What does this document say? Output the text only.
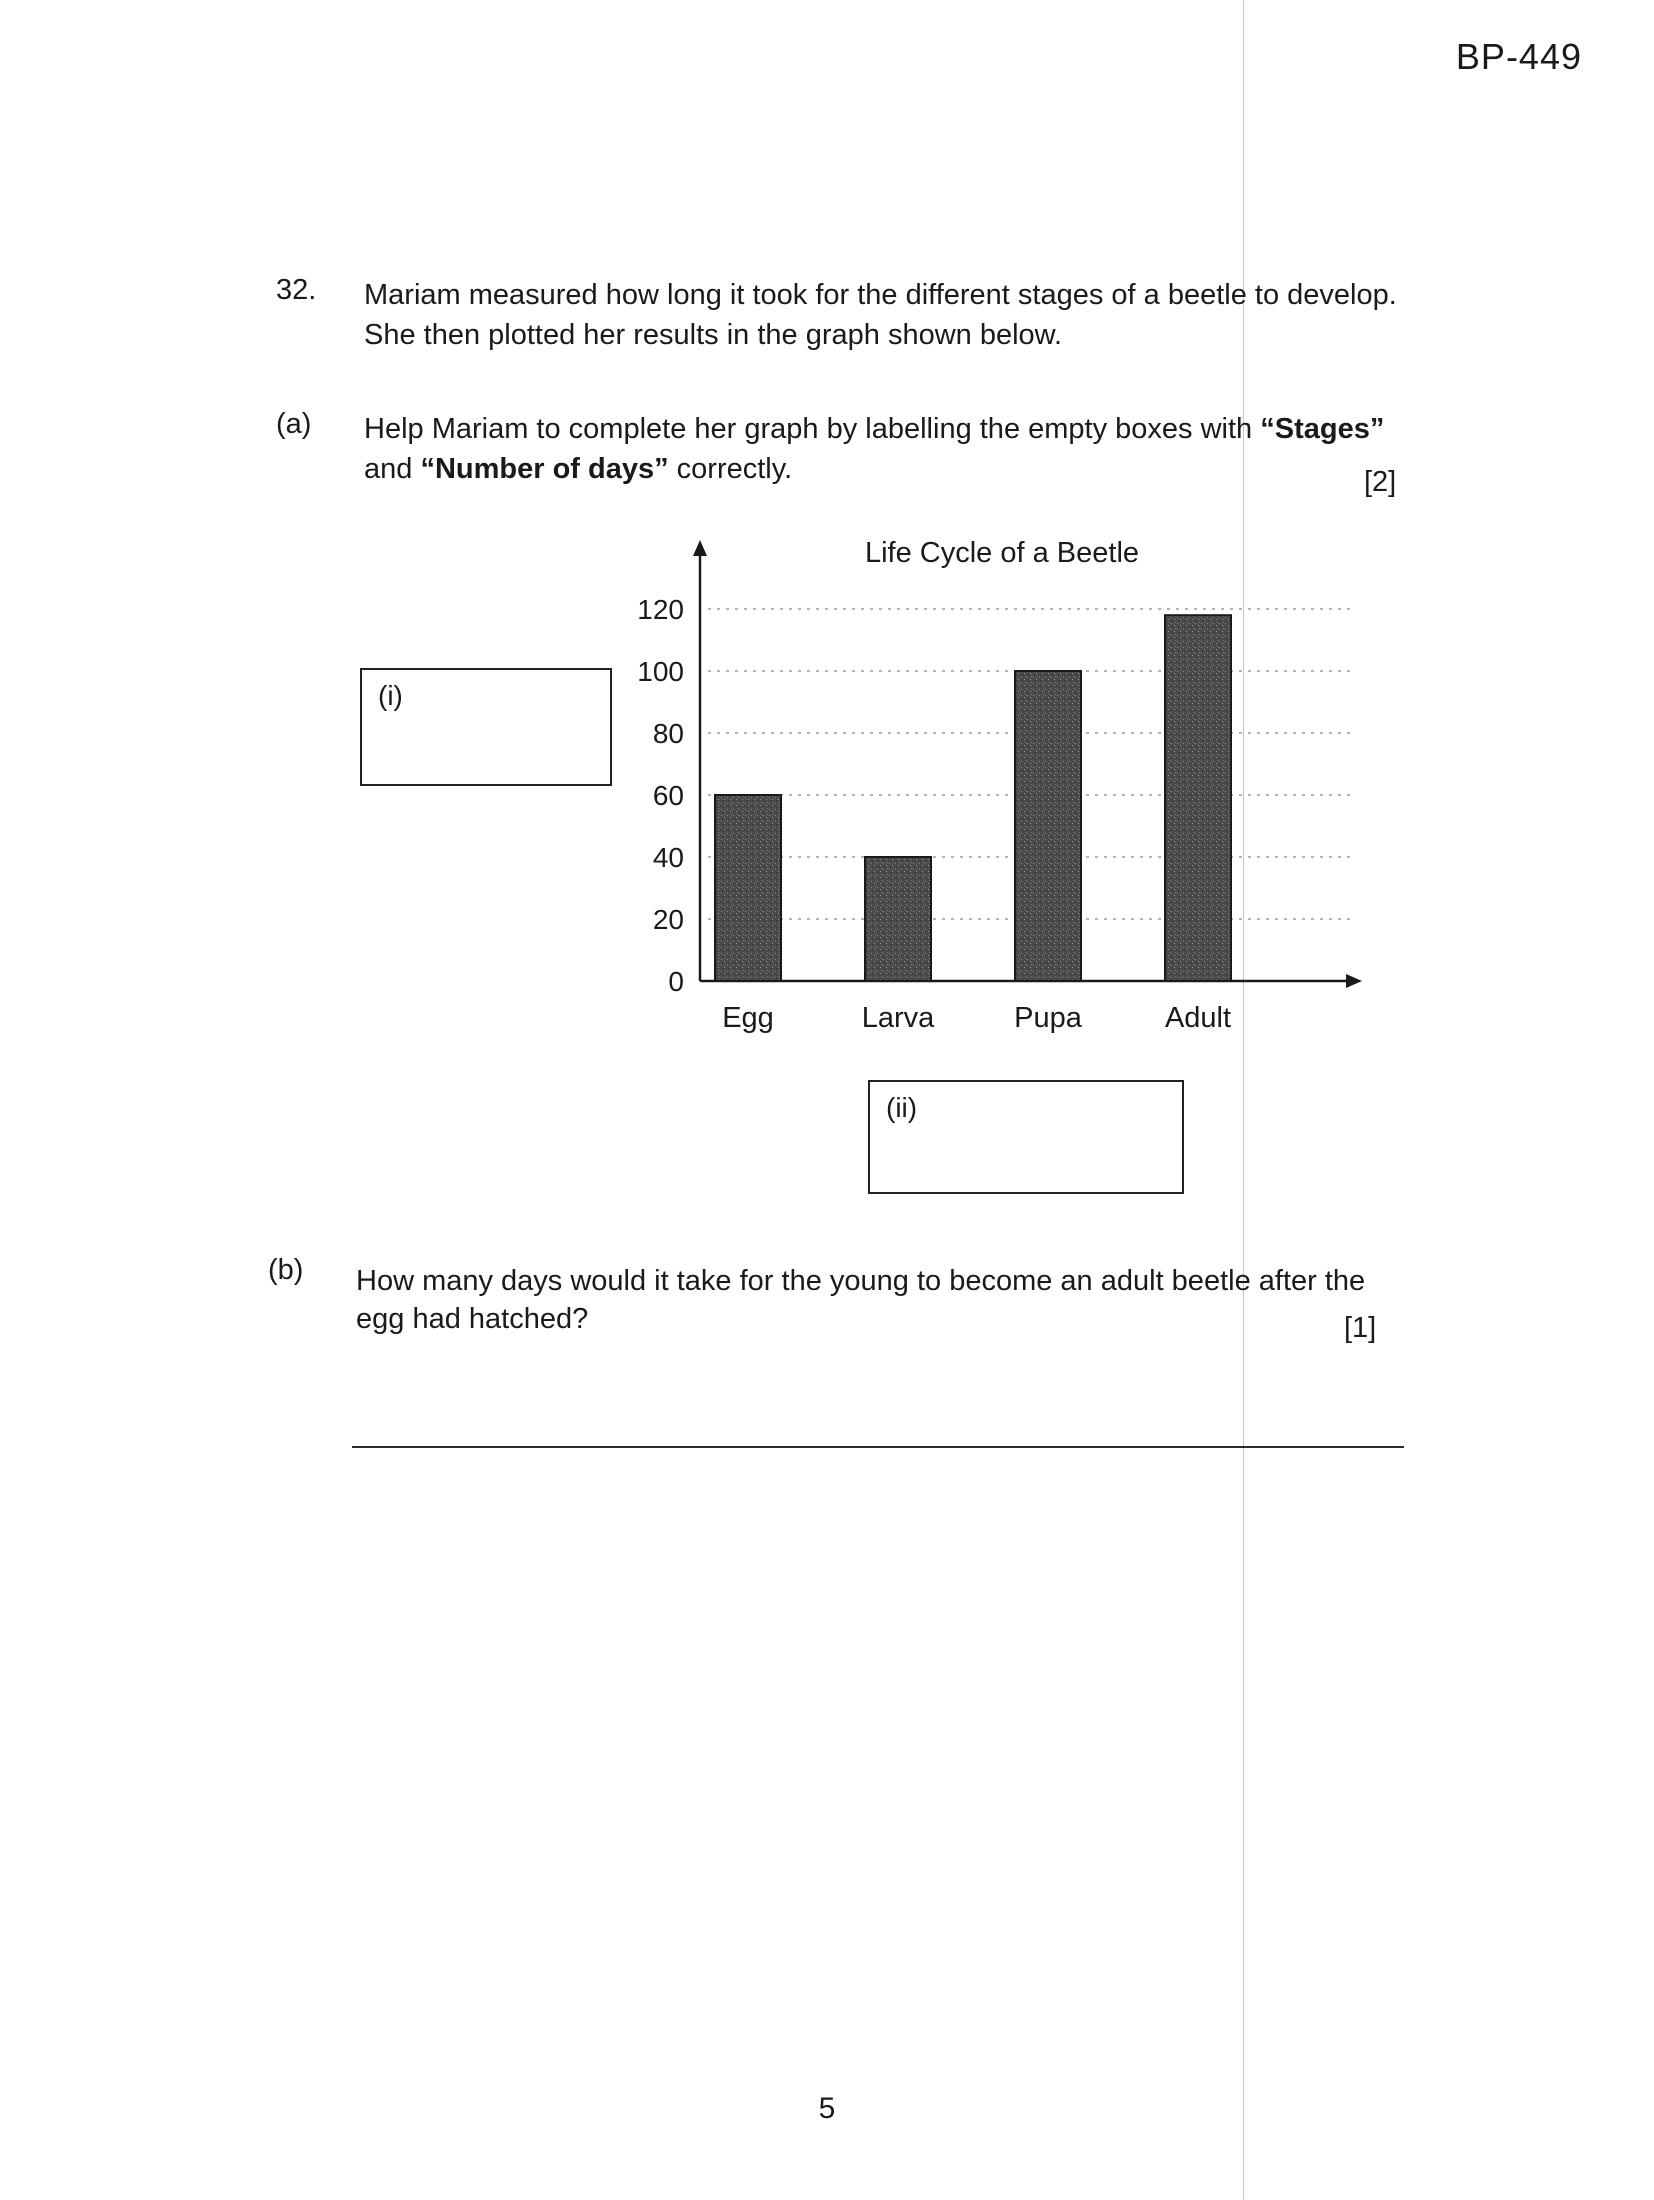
BP-449
32. Mariam measured how long it took for the different stages of a beetle to develop.
She then plotted her results in the graph shown below.
(a) Help Mariam to complete her graph by labelling the empty boxes with “Stages”
and “Number of days” correctly.	[2]
(i)
Life Cycle of a Beetle
0
20
40
60
80
100
120
Egg	Larva	Pupa	Adult
(ii)
(b) How many days would it take for the young to become an adult beetle after the
egg had hatched?	[1]
5
